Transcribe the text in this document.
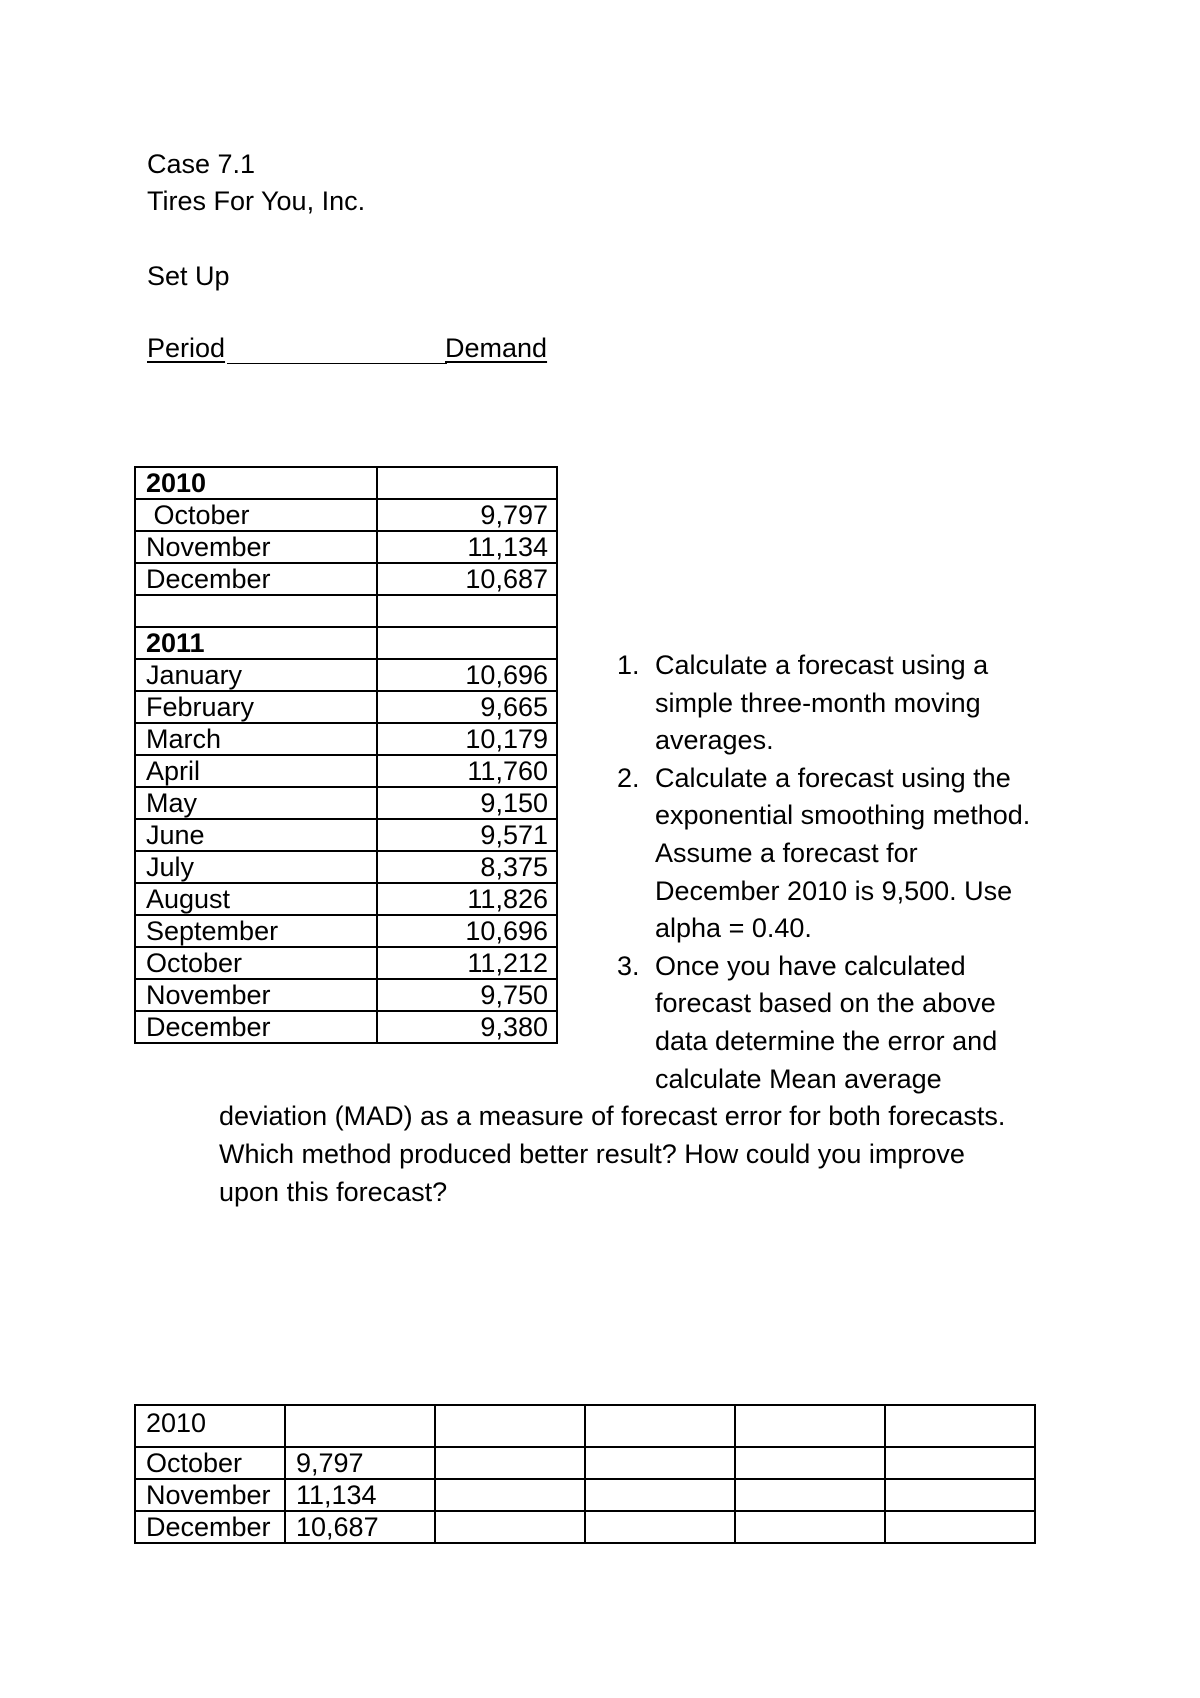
Case 7.1
Tires For You, Inc.
Set Up
Period	Demand
2010	
October	9,797
November	11,134
December	10,687

2011	
January	10,696
February	9,665
March	10,179
April	11,760
May	9,150
June	9,571
July	8,375
August	11,826
September	10,696
October	11,212
November	9,750
December	9,380
1. Calculate a forecast using a
simple three-month moving
averages.
2. Calculate a forecast using the
exponential smoothing method.
Assume a forecast for
December 2010 is 9,500. Use
alpha = 0.40.
3. Once you have calculated
forecast based on the above
data determine the error and
calculate Mean average
deviation (MAD) as a measure of forecast error for both forecasts.
Which method produced better result? How could you improve
upon this forecast?
2010					
October	9,797				
November	11,134				
December	10,687				
